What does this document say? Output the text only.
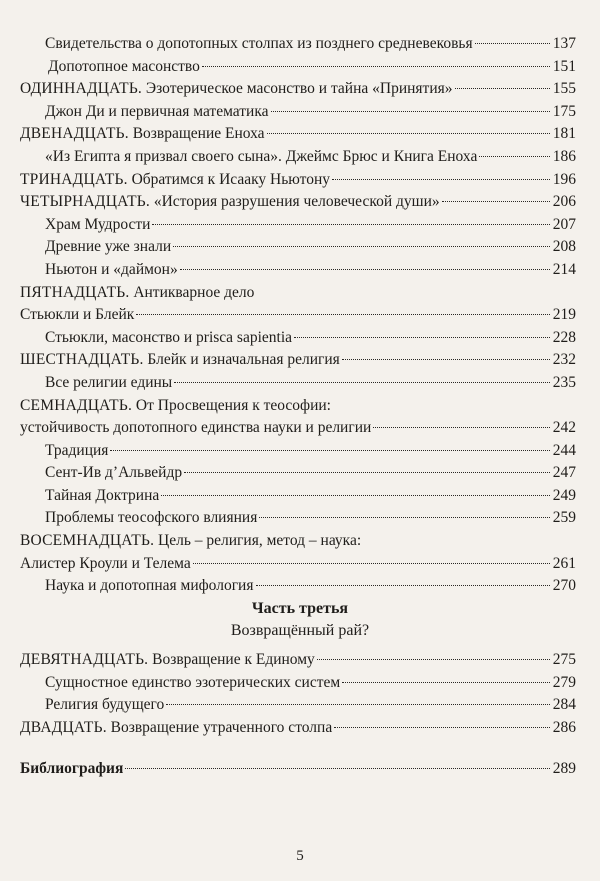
Свидетельства о допотопных столпах из позднего средневековья	137
Допотопное масонство	151
ОДИННАДЦАТЬ. Эзотерическое масонство и тайна «Принятия»	155
Джон Ди и первичная математика	175
ДВЕНАДЦАТЬ. Возвращение Еноха	181
«Из Египта я призвал своего сына». Джеймс Брюс и Книга Еноха	186
ТРИНАДЦАТЬ. Обратимся к Исааку Ньютону	196
ЧЕТЫРНАДЦАТЬ. «История разрушения человеческой души»	206
Храм Мудрости	207
Древние уже знали	208
Ньютон и «даймон»	214
ПЯТНАДЦАТЬ. Антикварное дело
Стьюкли и Блейк	219
Стьюкли, масонство и prisca sapientia	228
ШЕСТНАДЦАТЬ. Блейк и изначальная религия	232
Все религии едины	235
СЕМНАДЦАТЬ. От Просвещения к теософии:
устойчивость допотопного единства науки и религии	242
Традиция	244
Сент-Ив д’Альвейдр	247
Тайная Доктрина	249
Проблемы теософского влияния	259
ВОСЕМНАДЦАТЬ. Цель – религия, метод – наука:
Алистер Кроули и Телема	261
Наука и допотопная мифология	270
Часть третья
Возвращённый рай?
ДЕВЯТНАДЦАТЬ. Возвращение к Единому	275
Сущностное единство эзотерических систем	279
Религия будущего	284
ДВАДЦАТЬ. Возвращение утраченного столпа	286
Библиография	289
5
